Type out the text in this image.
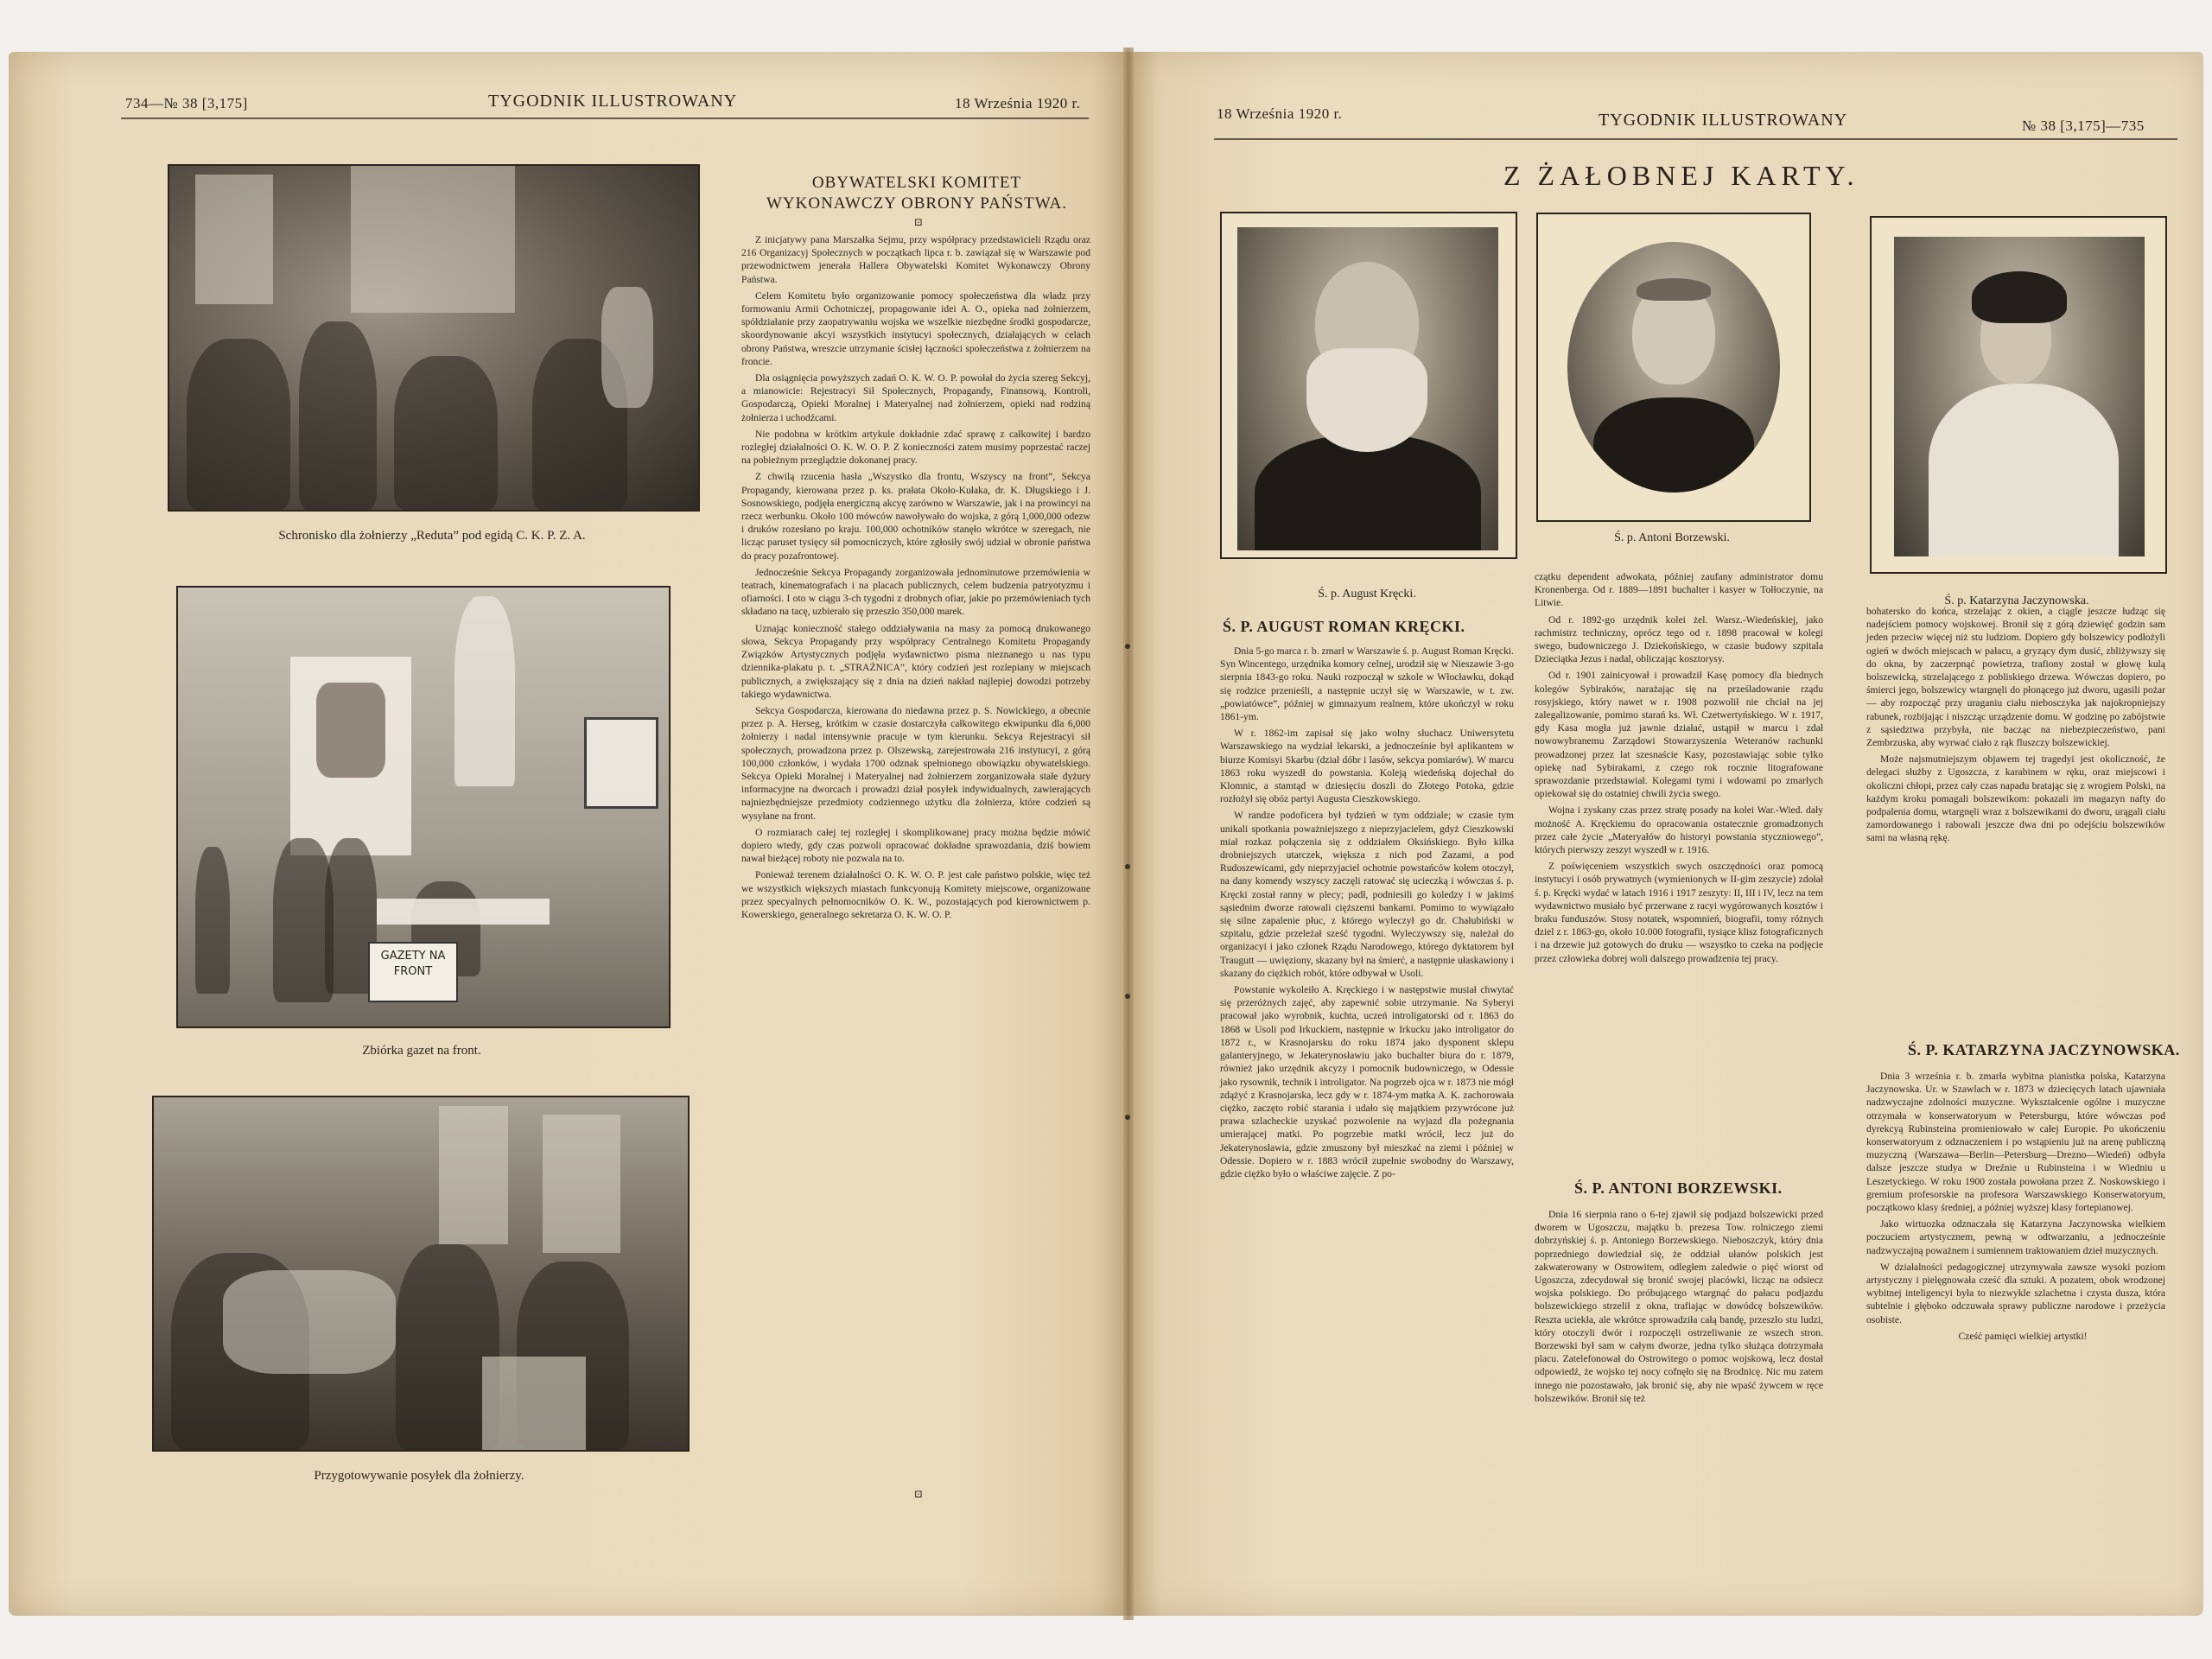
734—№ 38 [3,175]	TYGODNIK ILLUSTROWANY	18 Września 1920 r.
Schronisko dla żołnierzy „Reduta” pod egidą C. K. P. Z. A.
GAZETY NA FRONT
Zbiórka gazet na front.
Przygotowywanie posyłek dla żołnierzy.
OBYWATELSKI KOMITET
WYKONAWCZY OBRONY PAŃSTWA.
⊡

Z inicjatywy pana Marszałka Sejmu, przy współpracy przedstawicieli Rządu oraz 216 Organizacyj Społecznych w początkach lipca r. b. zawiązał się w Warszawie pod przewodnictwem jenerała Hallera Obywatelski Komitet Wykonawczy Obrony Państwa.

Celem Komitetu było organizowanie pomocy społeczeństwa dla władz przy formowaniu Armii Ochotniczej, propagowanie idei A. O., opieka nad żołnierzem, spółdziałanie przy zaopatrywaniu wojska we wszelkie niezbędne środki gospodarcze, skoordynowanie akcyi wszystkich instytucyi społecznych, działających w celach obrony Państwa, wreszcie utrzymanie ścisłej łączności społeczeństwa z żołnierzem na froncie.

Dla osiągnięcia powyższych zadań O. K. W. O. P. powołał do życia szereg Sekcyj, a mianowicie: Rejestracyi Sił Społecznych, Propagandy, Finansową, Kontroli, Gospodarczą, Opieki Moralnej i Materyalnej nad żołnierzem, opieki nad rodziną żołnierza i uchodźcami.

Nie podobna w krótkim artykule dokładnie zdać sprawę z całkowitej i bardzo rozległej działalności O. K. W. O. P. Z konieczności zatem musimy poprzestać raczej na pobieżnym przeglądzie dokonanej pracy.

Z chwilą rzucenia hasła „Wszystko dla frontu, Wszyscy na front”, Sekcya Propagandy, kierowana przez p. ks. prałata Około-Kułaka, dr. K. Długskiego i J. Sosnowskiego, podjęła energiczną akcyę zarówno w Warszawie, jak i na prowincyi na rzecz werbunku. Około 100 mówców nawoływało do wojska, z górą 1,000,000 odezw i druków rozesłano po kraju. 100,000 ochotników stanęło wkrótce w szeregach, nie licząc paruset tysięcy sił pomocniczych, które zgłosiły swój udział w obronie państwa do pracy pozafrontowej.

Jednocześnie Sekcya Propagandy zorganizowała jednominutowe przemówienia w teatrach, kinematografach i na placach publicznych, celem budzenia patryotyzmu i ofiarności. I oto w ciągu 3-ch tygodni z drobnych ofiar, jakie po przemówieniach tych składano na tacę, uzbierało się przeszło 350,000 marek.

Uznając konieczność stałego oddziaływania na masy za pomocą drukowanego słowa, Sekcya Propagandy przy współpracy Centralnego Komitetu Propagandy Związków Artystycznych podjęła wydawnictwo pisma nieznanego u nas typu dziennika-plakatu p. t. „STRAŻNICA”, który codzień jest rozlepiany w miejscach publicznych, a zwiększający się z dnia na dzień nakład najlepiej dowodzi potrzeby takiego wydawnictwa.

Sekcya Gospodarcza, kierowana do niedawna przez p. S. Nowickiego, a obecnie przez p. A. Herseg, krótkim w czasie dostarczyła całkowitego ekwipunku dla 6,000 żołnierzy i nadal intensywnie pracuje w tym kierunku. Sekcya Rejestracyi sił społecznych, prowadzona przez p. Olszewską, zarejestrowała 216 instytucyi, z górą 100,000 członków, i wydała 1700 odznak spełnionego obowiązku obywatelskiego. Sekcya Opieki Moralnej i Materyalnej nad żołnierzem zorganizowała stałe dyżury informacyjne na dworcach i prowadzi dział posyłek indywidualnych, zawierających najniezbędniejsze przedmioty codziennego użytku dla żołnierza, które codzień są wysyłane na front.

O rozmiarach całej tej rozległej i skomplikowanej pracy można będzie mówić dopiero wtedy, gdy czas pozwoli opracować dokładne sprawozdania, dziś bowiem nawał bieżącej roboty nie pozwala na to.

Ponieważ terenem działalności O. K. W. O. P. jest całe państwo polskie, więc też we wszystkich większych miastach funkcyonują Komitety miejscowe, organizowane przez specyalnych pełnomocników O. K. W., pozostających pod kierownictwem p. Kowerskiego, generalnego sekretarza O. K. W. O. P.

⊡
18 Września 1920 r.	TYGODNIK ILLUSTROWANY	№ 38 [3,175]—735
Z ŻAŁOBNEJ KARTY.
Ś. p. August Kręcki.
Ś. p. Antoni Borzewski.
Ś. p. Katarzyna Jaczynowska.
Ś. P. AUGUST ROMAN KRĘCKI.

Dnia 5-go marca r. b. zmarł w Warszawie ś. p. August Roman Kręcki. Syn Wincentego, urzędnika komory celnej, urodził się w Nieszawie 3-go sierpnia 1843-go roku. Nauki rozpoczął w szkole w Włocławku, dokąd się rodzice przenieśli, a następnie uczył się w Warszawie, w t. zw. „powiatówce”, później w gimnazyum realnem, które ukończył w roku 1861-ym.

W r. 1862-im zapisał się jako wolny słuchacz Uniwersytetu Warszawskiego na wydział lekarski, a jednocześnie był aplikantem w biurze Komisyi Skarbu (dział dóbr i lasów, sekcya pomiarów). W marcu 1863 roku wyszedł do powstania. Koleją wiedeńską dojechał do Klomnic, a stamtąd w dziesięciu doszli do Złotego Potoka, gdzie rozłożył się obóz partyi Augusta Cieszkowskiego.

W randze podoficera był tydzień w tym oddziale; w czasie tym unikali spotkania poważniejszego z nieprzyjacielem, gdyż Cieszkowski miał rozkaz połączenia się z oddziałem Oksińskiego. Było kilka drobniejszych utarczek, większa z nich pod Zazami, a pod Rudoszewicami, gdy nieprzyjaciel ochotnie powstańców kołem otoczył, na dany komendy wszyscy zaczęli ratować się ucieczką i wówczas ś. p. Kręcki został ranny w plecy; padł, podniesili go koledzy i w jakimś sąsiednim dworze ratowali cięższemi bankami. Pomimo to wywiązało się silne zapalenie płuc, z którego wyleczył go dr. Chałubiński w szpitalu, gdzie przeleżał sześć tygodni. Wyleczywszy się, należał do organizacyi i jako członek Rządu Narodowego, którego dyktatorem był Traugutt — uwięziony, skazany był na śmierć, a następnie ułaskawiony i skazany do ciężkich robót, które odbywał w Usoli.

Powstanie wykoleiło A. Kręckiego i w następstwie musiał chwytać się przeróżnych zajęć, aby zapewnić sobie utrzymanie. Na Syberyi pracował jako wyrobnik, kuchta, uczeń introligatorski od r. 1863 do 1868 w Usoli pod Irkuckiem, następnie w Irkucku jako introligator do 1872 r., w Krasnojarsku do roku 1874 jako dysponent sklepu galanteryjnego, w Jekaterynosławiu jako buchalter biura do r. 1879, również jako urzędnik akcyzy i pomocnik budowniczego, w Odessie jako rysownik, technik i introligator. Na pogrzeb ojca w r. 1873 nie mógł zdążyć z Krasnojarska, lecz gdy w r. 1874-ym matka A. K. zachorowała ciężko, zaczęto robić starania i udało się majątkiem przywrócone już prawa szlacheckie uzyskać pozwolenie na wyjazd dla pożegnania umierającej matki. Po pogrzebie matki wrócił, lecz już do Jekaterynosławia, gdzie zmuszony był mieszkać na ziemi i później w Odessie. Dopiero w r. 1883 wrócił zupełnie swobodny do Warszawy, gdzie ciężko było o właściwe zajęcie. Z po-

czątku dependent adwokata, później zaufany administrator domu Kronenberga. Od r. 1889—1891 buchalter i kasyer w Tołłoczynie, na Litwie.

Od r. 1892-go urzędnik kolei żel. Warsz.-Wiedeńskiej, jako rachmistrz techniczny, oprócz tego od r. 1898 pracował w kolegi swego, budowniczego J. Dziekońskiego, w czasie budowy szpitala Dzieciątka Jezus i nadal, obliczając kosztorysy.

Od r. 1901 zainicyował i prowadził Kasę pomocy dla biednych kolegów Sybiraków, narażając się na prześladowanie rządu rosyjskiego, który nawet w r. 1908 pozwolił nie chciał na jej zalegalizowanie, pomimo starań ks. Wł. Czetwertyńskiego. W r. 1917, gdy Kasa mogła już jawnie działać, ustąpił w marcu i zdał nowowybranemu Zarządowi Stowarzyszenia Weteranów rachunki prowadzonej przez lat szesnaście Kasy, pozostawiając sobie tylko opiekę nad Sybirakami, z czego rok rocznie litografowane sprawozdanie przedstawiał. Kolegami tymi i wdowami po zmarłych opiekował się do ostatniej chwili życia swego.

Wojna i zyskany czas przez stratę posady na kolei War.-Wied. dały możność A. Kręckiemu do opracowania ostatecznie gromadzonych przez całe życie „Materyałów do historyi powstania styczniowego”, których pierwszy zeszyt wyszedł w r. 1916.

Z poświęceniem wszystkich swych oszczędności oraz pomocą instytucyi i osób prywatnych (wymienionych w II-gim zeszycie) zdołał ś. p. Kręcki wydać w latach 1916 i 1917 zeszyty: II, III i IV, lecz na tem wydawnictwo musiało być przerwane z racyi wygórowanych kosztów i braku funduszów. Stosy notatek, wspomnień, biografii, tomy różnych dziel z r. 1863-go, około 10.000 fotografii, tysiące klisz fotograficznych i na drzewie już gotowych do druku — wszystko to czeka na podjęcie przez człowieka dobrej woli dalszego prowadzenia tej pracy.

Ś. P. ANTONI BORZEWSKI.

Dnia 16 sierpnia rano o 6-tej zjawił się podjazd bolszewicki przed dworem w Ugoszczu, majątku b. prezesa Tow. rolniczego ziemi dobrzyńskiej ś. p. Antoniego Borzewskiego. Nieboszczyk, który dnia poprzedniego dowiedział się, że oddział ułanów polskich jest zakwaterowany w Ostrowitem, odległem zaledwie o pięć wiorst od Ugoszcza, zdecydował się bronić swojej placówki, licząc na odsiecz wojska polskiego. Do próbującego wtargnąć do pałacu podjazdu bolszewickiego strzelił z okna, trafiając w dowódcę bolszewików. Reszta uciekła, ale wkrótce sprowadziła całą bandę, przeszło stu ludzi, który otoczyli dwór i rozpoczęli ostrzeliwanie ze wszech stron. Borzewski był sam w całym dworze, jedna tylko służąca dotrzymała placu. Zatelefonował do Ostrowitego o pomoc wojskową, lecz dostał odpowiedź, że wojsko tej nocy cofnęło się na Brodnicę. Nic mu zatem innego nie pozostawało, jak bronić się, aby nie wpaść żywcem w ręce bolszewików. Bronił się też

bohatersko do końca, strzelając z okien, a ciągle jeszcze łudząc się nadejściem pomocy wojskowej. Bronił się z górą dziewięć godzin sam jeden przeciw więcej niż stu ludziom. Dopiero gdy bolszewicy podłożyli ogień w dwóch miejscach w pałacu, a gryzący dym dusić, zbliżywszy się do okna, by zaczerpnąć powietrza, trafiony został w głowę kulą bolszewicką, strzelającego z pobliskiego drzewa. Wówczas dopiero, po śmierci jego, bolszewicy wtargnęli do płonącego już dworu, ugasili pożar — aby rozpocząć przy uraganiu ciału niebosczyka jak najokropniejszy rabunek, rozbijając i niszcząc urządzenie domu. W godzinę po zabójstwie z sąsiedztwa przybyła, nie bacząc na niebezpieczeństwo, pani Zembrzuska, aby wyrwać ciało z rąk fluszczy bolszewickiej.

Może najsmutniejszym objawem tej tragedyi jest okoliczność, że delegaci służby z Ugoszcza, z karabinem w ręku, oraz miejscowi i okoliczni chłopi, przez cały czas napadu bratając się z wrogiem Polski, na każdym kroku pomagali bolszewikom: pokazali im magazyn nafty do podpalenia domu, wtargnęli wraz z bolszewikami do dworu, urągali ciału zamordowanego i rabowali jeszcze dwa dni po odejściu bolszewików sami na własną rękę.

Ś. P. KATARZYNA JACZYNOWSKA.

Dnia 3 września r. b. zmarła wybitna pianistka polska, Katarzyna Jaczynowska. Ur. w Szawlach w r. 1873 w dziecięcych latach ujawniała nadzwyczajne zdolności muzyczne. Wykształcenie ogólne i muzyczne otrzymała w konserwatoryum w Petersburgu, które wówczas pod dyrekcyą Rubinsteina promieniowało w całej Europie. Po ukończeniu konserwatoryum z odznaczeniem i po wstąpieniu już na arenę publiczną muzyczną (Warszawa—Berlin—Petersburg—Drezno—Wiedeń) odbyła dalsze jeszcze studya w Dreźnie u Rubinsteina i w Wiedniu u Leszetyckiego. W roku 1900 została powołana przez Z. Noskowskiego i gremium profesorskie na profesora Warszawskiego Konserwatoryum, początkowo klasy średniej, a później wyższej klasy fortepianowej.

Jako wirtuozka odznaczała się Katarzyna Jaczynowska wielkiem poczuciem artystycznem, pewną w odtwarzaniu, a jednocześnie nadzwyczajną poważnem i sumiennem traktowaniem dzieł muzycznych.

W działalności pedagogicznej utrzymywała zawsze wysoki poziom artystyczny i pielęgnowała cześć dla sztuki. A pozatem, obok wrodzonej wybitnej inteligencyi była to niezwykle szlachetna i czysta dusza, która subtelnie i głęboko odczuwała sprawy publiczne narodowe i przeżycia osobiste.

Cześć pamięci wielkiej artystki!
